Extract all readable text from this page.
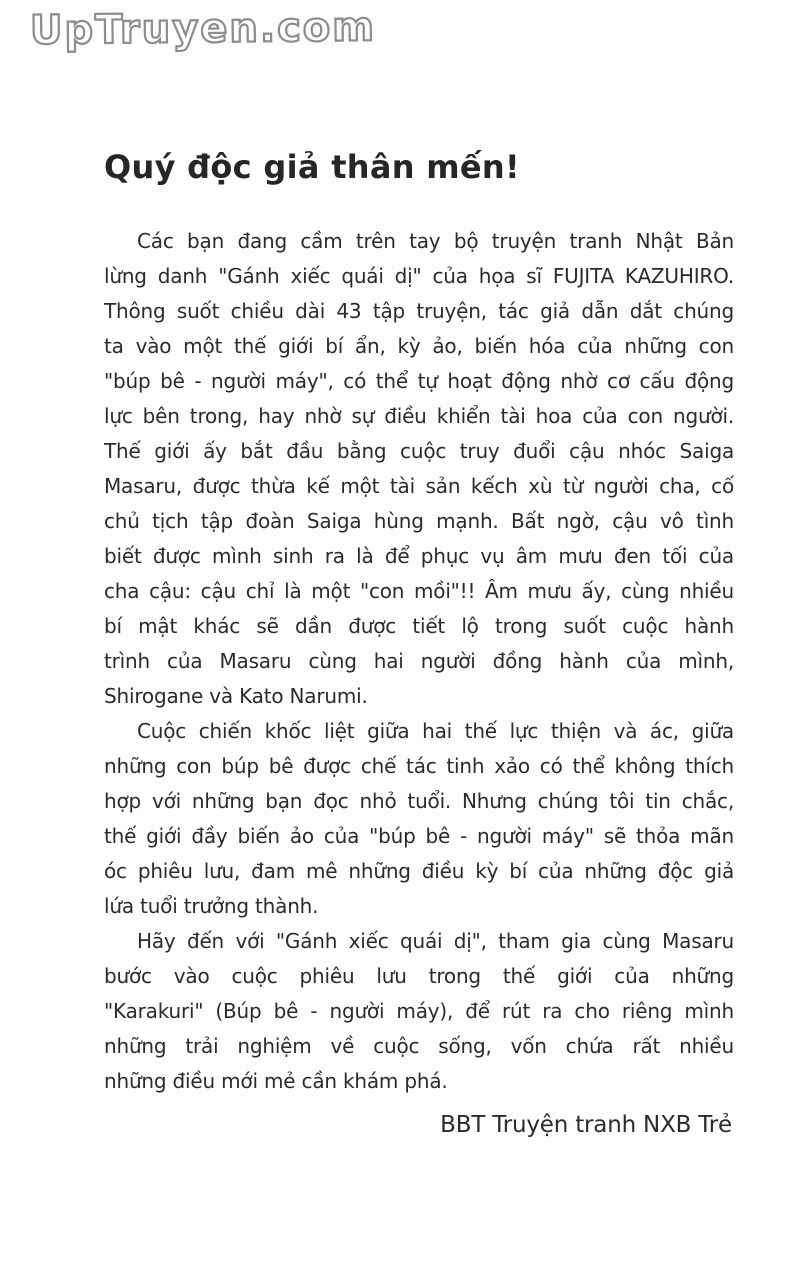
UpTruyen.com
Quý độc giả thân mến!
Các bạn đang cầm trên tay bộ truyện tranh Nhật Bản
lừng danh "Gánh xiếc quái dị" của họa sĩ FUJITA KAZUHIRO.
Thông suốt chiều dài 43 tập truyện, tác giả dẫn dắt chúng
ta vào một thế giới bí ẩn, kỳ ảo, biến hóa của những con
"búp bê - người máy", có thể tự hoạt động nhờ cơ cấu động
lực bên trong, hay nhờ sự điều khiển tài hoa của con người.
Thế giới ấy bắt đầu bằng cuộc truy đuổi cậu nhóc Saiga
Masaru, được thừa kế một tài sản kếch xù từ người cha, cố
chủ tịch tập đoàn Saiga hùng mạnh. Bất ngờ, cậu vô tình
biết được mình sinh ra là để phục vụ âm mưu đen tối của
cha cậu: cậu chỉ là một "con mồi"!! Âm mưu ấy, cùng nhiều
bí mật khác sẽ dần được tiết lộ trong suốt cuộc hành
trình của Masaru cùng hai người đồng hành của mình,
Shirogane và Kato Narumi.
Cuộc chiến khốc liệt giữa hai thế lực thiện và ác, giữa
những con búp bê được chế tác tinh xảo có thể không thích
hợp với những bạn đọc nhỏ tuổi. Nhưng chúng tôi tin chắc,
thế giới đầy biến ảo của "búp bê - người máy" sẽ thỏa mãn
óc phiêu lưu, đam mê những điều kỳ bí của những độc giả
lứa tuổi trưởng thành.
Hãy đến với "Gánh xiếc quái dị", tham gia cùng Masaru
bước vào cuộc phiêu lưu trong thế giới của những
"Karakuri" (Búp bê - người máy), để rút ra cho riêng mình
những trải nghiệm về cuộc sống, vốn chứa rất nhiều
những điều mới mẻ cần khám phá.
BBT Truyện tranh NXB Trẻ
